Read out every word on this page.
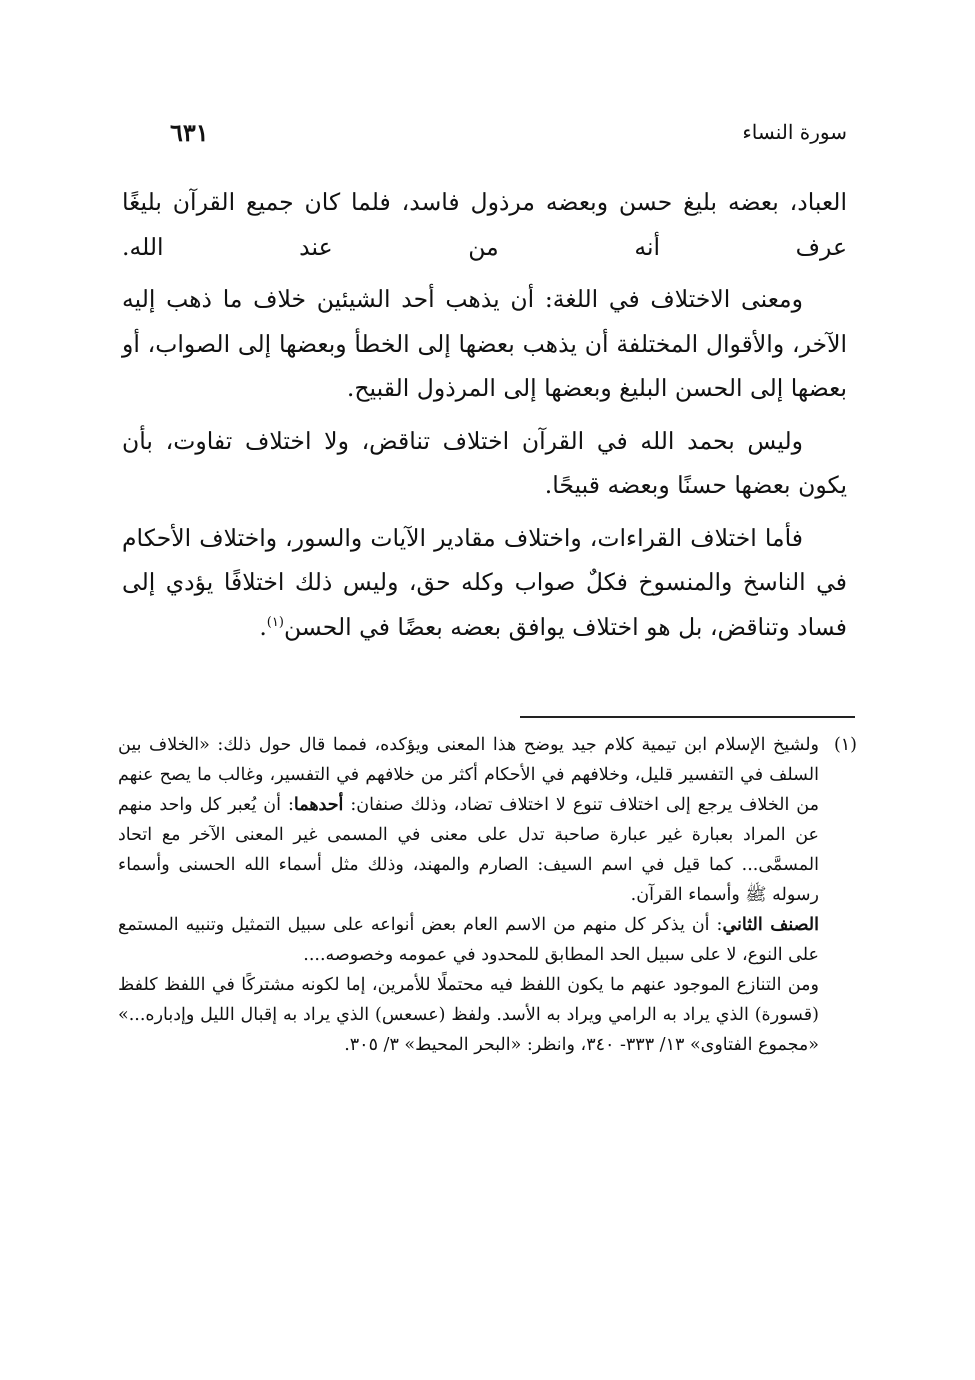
سورة النساء
٦٣١

العباد، بعضه بليغ حسن وبعضه مرذول فاسد، فلما كان جميع القرآن بليغًا عرف أنه من عند الله.

ومعنى الاختلاف في اللغة: أن يذهب أحد الشيئين خلاف ما ذهب إليه الآخر، والأقوال المختلفة أن يذهب بعضها إلى الخطأ وبعضها إلى الصواب، أو بعضها إلى الحسن البليغ وبعضها إلى المرذول القبيح.

وليس بحمد الله في القرآن اختلاف تناقض، ولا اختلاف تفاوت، بأن يكون بعضها حسنًا وبعضه قبيحًا.

فأما اختلاف القراءات، واختلاف مقادير الآيات والسور، واختلاف الأحكام في الناسخ والمنسوخ فكلٌ صواب وكله حق، وليس ذلك اختلافًا يؤدي إلى فساد وتناقض، بل هو اختلاف يوافق بعضه بعضًا في الحسن$^{(١)}$.

(١)
ولشيخ الإسلام ابن تيمية كلام جيد يوضح هذا المعنى ويؤكده، فمما قال حول ذلك: «الخلاف بين السلف في التفسير قليل، وخلافهم في الأحكام أكثر من خلافهم في التفسير، وغالب ما يصح عنهم من الخلاف يرجع إلى اختلاف تنوع لا اختلاف تضاد، وذلك صنفان: أحدهما: أن يُعبر كل واحد منهم عن المراد بعبارة غير عبارة صاحبة تدل على معنى في المسمى غير المعنى الآخر مع اتحاد المسمَّى... كما قيل في اسم السيف: الصارم والمهند، وذلك مثل أسماء الله الحسنى وأسماء رسوله ﷺ وأسماء القرآن.

الصنف الثاني: أن يذكر كل منهم من الاسم العام بعض أنواعه على سبيل التمثيل وتنبيه المستمع على النوع، لا على سبيل الحد المطابق للمحدود في عمومه وخصوصه....

ومن التنازع الموجود عنهم ما يكون اللفظ فيه محتملًا للأمرين، إما لكونه مشتركًا في اللفظ كلفظ (قسورة) الذي يراد به الرامي ويراد به الأسد. ولفظ (عسعس) الذي يراد به إقبال الليل وإدباره...» «مجموع الفتاوى» ١٣/ ٣٣٣- ٣٤٠، وانظر: «البحر المحيط» ٣/ ٣٠٥.
